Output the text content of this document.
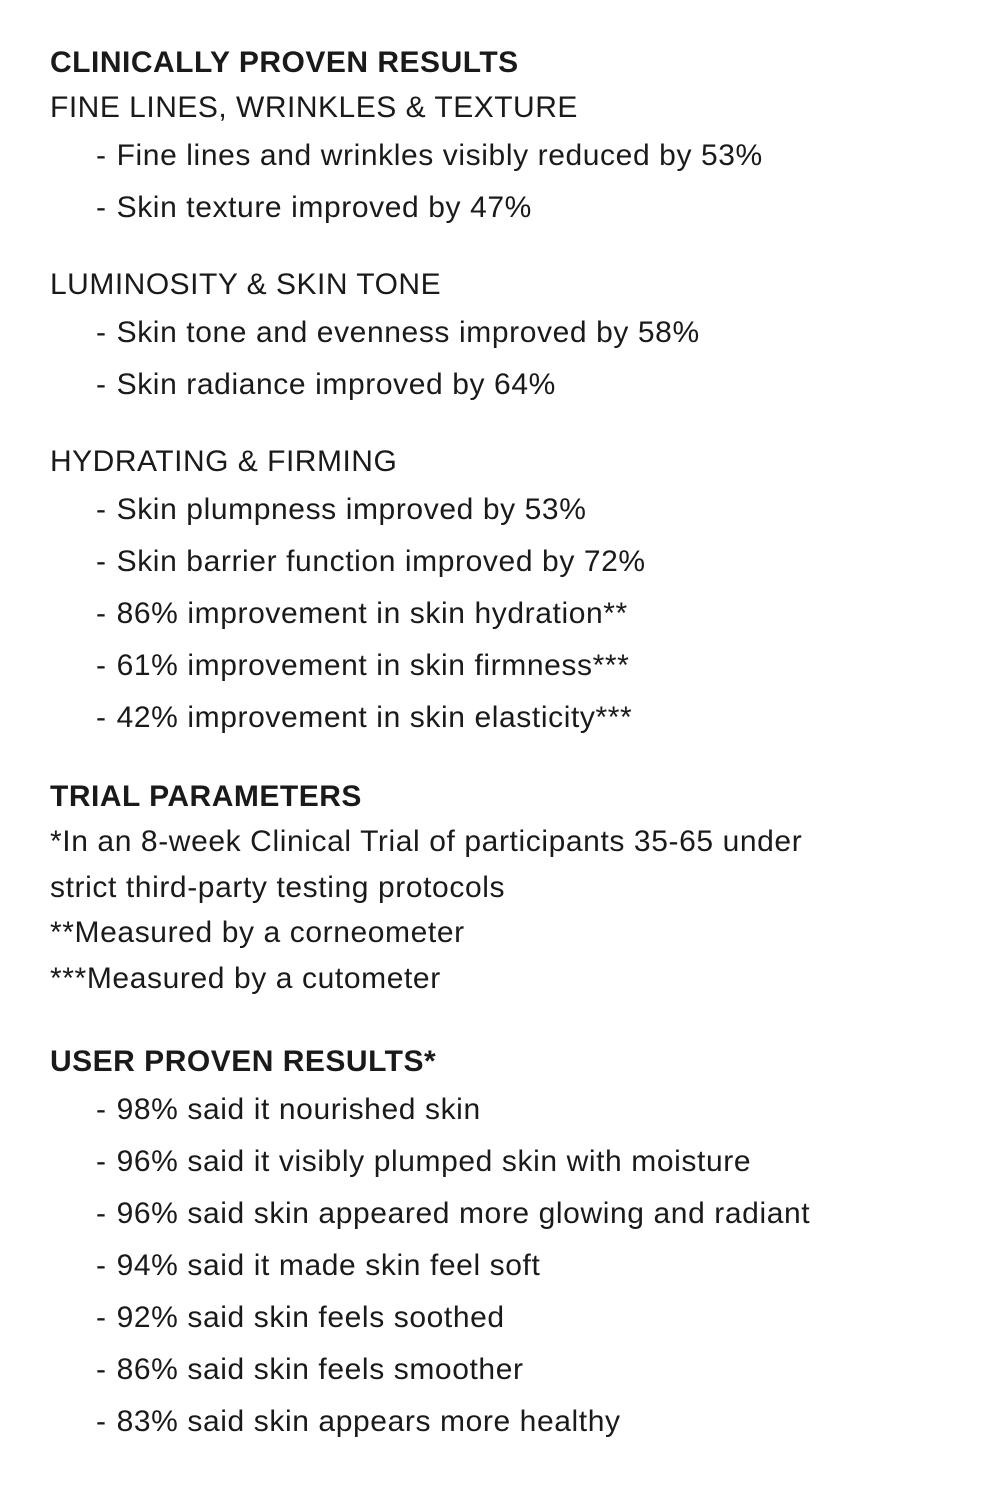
CLINICALLY PROVEN RESULTS
FINE LINES, WRINKLES & TEXTURE
- Fine lines and wrinkles visibly reduced by 53%
- Skin texture improved by 47%
LUMINOSITY & SKIN TONE
- Skin tone and evenness improved by 58%
- Skin radiance improved by 64%
HYDRATING & FIRMING
- Skin plumpness improved by 53%
- Skin barrier function improved by 72%
- 86% improvement in skin hydration**
- 61% improvement in skin firmness***
- 42% improvement in skin elasticity***
TRIAL PARAMETERS

*In an 8-week Clinical Trial of participants 35-65 under

strict third-party testing protocols

**Measured by a corneometer

***Measured by a cutometer

USER PROVEN RESULTS*
- 98% said it nourished skin
- 96% said it visibly plumped skin with moisture
- 96% said skin appeared more glowing and radiant
- 94% said it made skin feel soft
- 92% said skin feels soothed
- 86% said skin feels smoother
- 83% said skin appears more healthy
